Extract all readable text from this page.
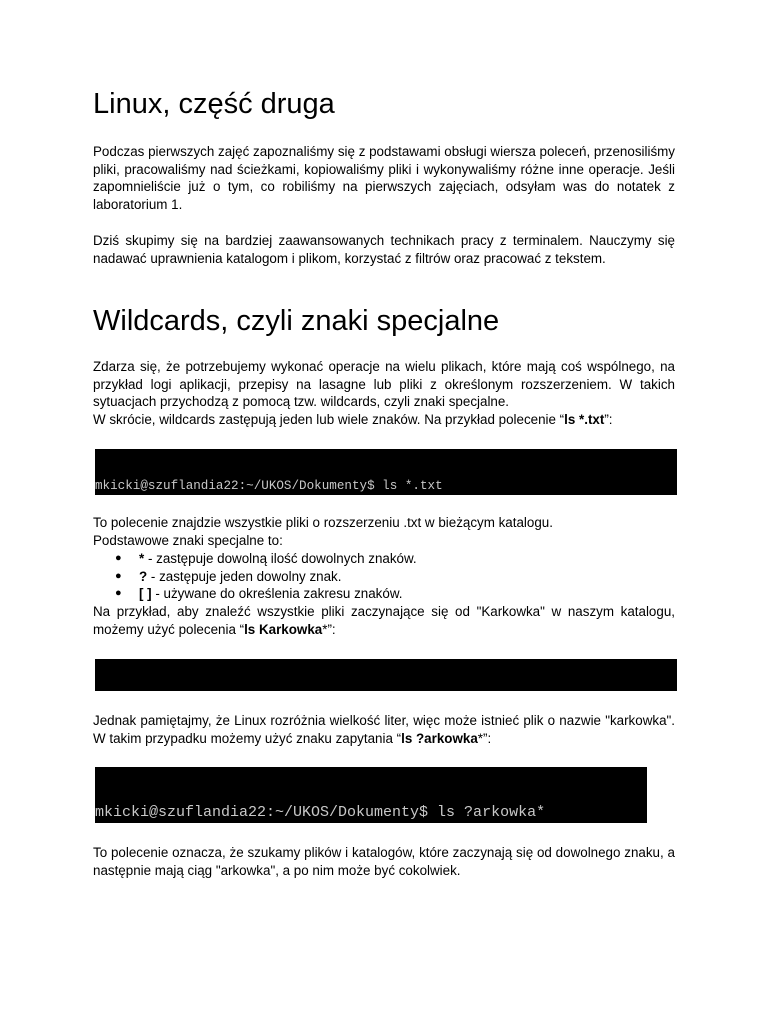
Linux, część druga

Podczas pierwszych zajęć zapoznaliśmy się z podstawami obsługi wiersza poleceń, przenosiliśmy pliki, pracowaliśmy nad ścieżkami, kopiowaliśmy pliki i wykonywaliśmy różne inne operacje. Jeśli zapomnieliście już o tym, co robiliśmy na pierwszych zajęciach, odsyłam was do notatek z laboratorium 1.

Dziś skupimy się na bardziej zaawansowanych technikach pracy z terminalem. Nauczymy się nadawać uprawnienia katalogom i plikom, korzystać z filtrów oraz pracować z tekstem.

Wildcards, czyli znaki specjalne

Zdarza się, że potrzebujemy wykonać operacje na wielu plikach, które mają coś wspólnego, na przykład logi aplikacji, przepisy na lasagne lub pliki z określonym rozszerzeniem. W takich sytuacjach przychodzą z pomocą tzw. wildcards, czyli znaki specjalne.

W skrócie, wildcards zastępują jeden lub wiele znaków. Na przykład polecenie “ls *.txt”:

mkicki@szuflandia22:~/UKOS/Dokumenty$ ls *.txt

To polecenie znajdzie wszystkie pliki o rozszerzeniu .txt w bieżącym katalogu.

Podstawowe znaki specjalne to:

● * - zastępuje dowolną ilość dowolnych znaków.
● ? - zastępuje jeden dowolny znak.
● [ ] - używane do określenia zakresu znaków.

Na przykład, aby znaleźć wszystkie pliki zaczynające się od "Karkowka" w naszym katalogu, możemy użyć polecenia “ls Karkowka*”:

Jednak pamiętajmy, że Linux rozróżnia wielkość liter, więc może istnieć plik o nazwie "karkowka". W takim przypadku możemy użyć znaku zapytania “ls ?arkowka*”:

mkicki@szuflandia22:~/UKOS/Dokumenty$ ls ?arkowka*

To polecenie oznacza, że szukamy plików i katalogów, które zaczynają się od dowolnego znaku, a następnie mają ciąg "arkowka", a po nim może być cokolwiek.
